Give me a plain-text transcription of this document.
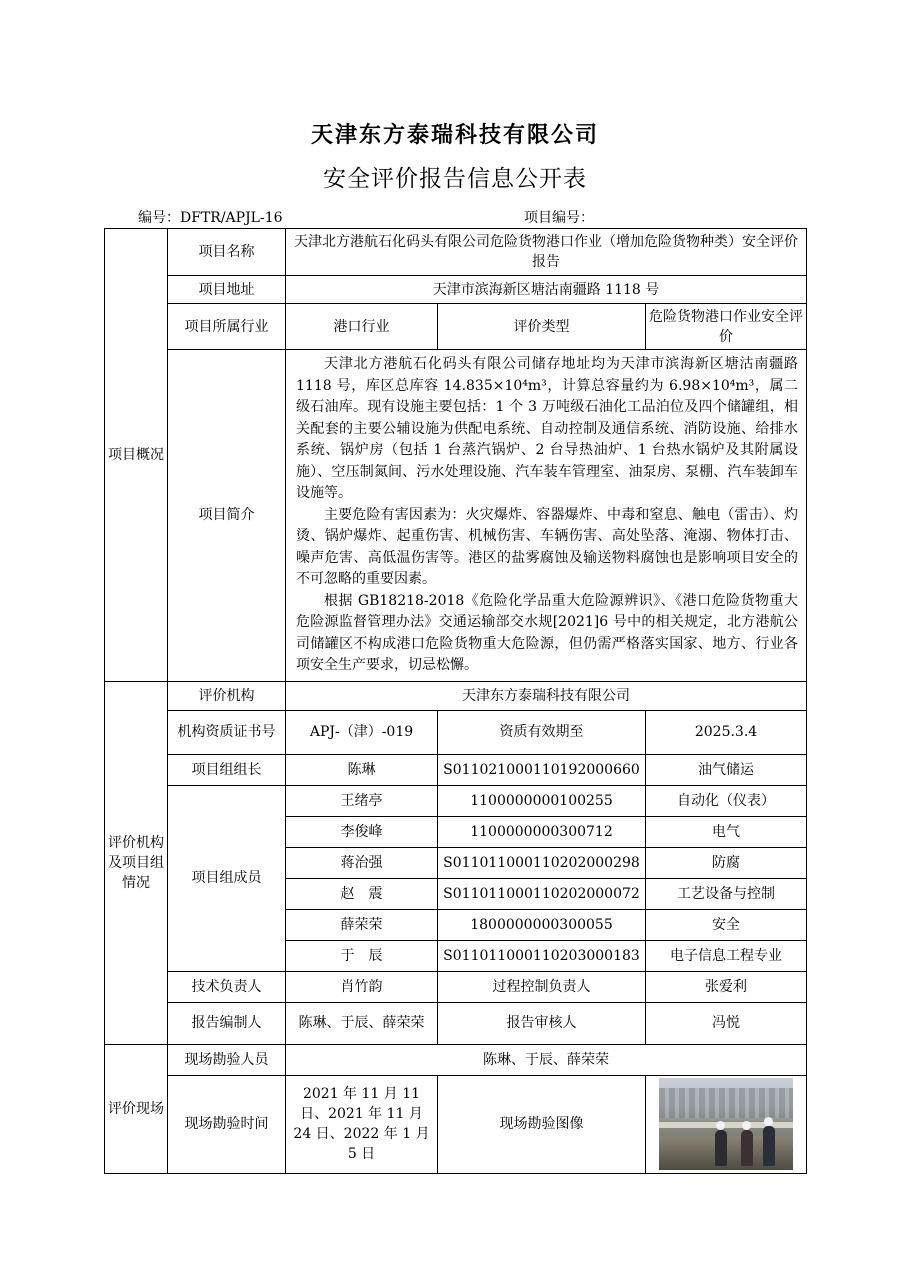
天津东方泰瑞科技有限公司
安全评价报告信息公开表
编号：DFTR/APJL-16	项目编号：
项目概况	项目名称	天津北方港航石化码头有限公司危险货物港口作业（增加危险货物种类）安全评价报告		
	项目地址	天津市滨海新区塘沽南疆路 1118 号		
	项目所属行业	港口行业	评价类型	危险货物港口作业安全评价
	项目简介	天津北方港航石化码头有限公司储存地址均为天津市滨海新区塘沽南疆路 1118 号，库区总库容 14.835×10⁴m³，计算总容量约为 6.98×10⁴m³，属二级石油库。现有设施主要包括：1 个 3 万吨级石油化工品泊位及四个储罐组，相关配套的主要公辅设施为供配电系统、自动控制及通信系统、消防设施、给排水系统、锅炉房（包括 1 台蒸汽锅炉、2 台导热油炉、1 台热水锅炉及其附属设施）、空压制氮间、污水处理设施、汽车装车管理室、油泵房、泵棚、汽车装卸车设施等。

主要危险有害因素为：火灾爆炸、容器爆炸、中毒和窒息、触电（雷击）、灼烫、锅炉爆炸、起重伤害、机械伤害、车辆伤害、高处坠落、淹溺、物体打击、噪声危害、高低温伤害等。港区的盐雾腐蚀及输送物料腐蚀也是影响项目安全的不可忽略的重要因素。

根据 GB18218-2018《危险化学品重大危险源辨识》、《港口危险货物重大危险源监督管理办法》交通运输部交水规[2021]6 号中的相关规定，北方港航公司储罐区不构成港口危险货物重大危险源，但仍需严格落实国家、地方、行业各项安全生产要求，切忌松懈。		

评价机构及项目组情况	评价机构	天津东方泰瑞科技有限公司		
	机构资质证书号	APJ-（津）-019	资质有效期至	2025.3.4
	项目组组长	陈琳	S011021000110192000660	油气储运
	项目组成员	王绪亭	1100000000100255	自动化（仪表）
		李俊峰	1100000000300712	电气
		蒋治强	S011011000110202000298	防腐
		赵　震	S011011000110202000072	工艺设备与控制
		薛荣荣	1800000000300055	安全
		于　辰	S011011000110203000183	电子信息工程专业
	技术负责人	肖竹韵	过程控制负责人	张爱利
	报告编制人	陈琳、于辰、薛荣荣	报告审核人	冯悦
评价现场	现场勘验人员	陈琳、于辰、薛荣荣		
	现场勘验时间	2021 年 11 月 11 日、2021 年 11 月 24 日、2022 年 1 月 5 日	现场勘验图像	
